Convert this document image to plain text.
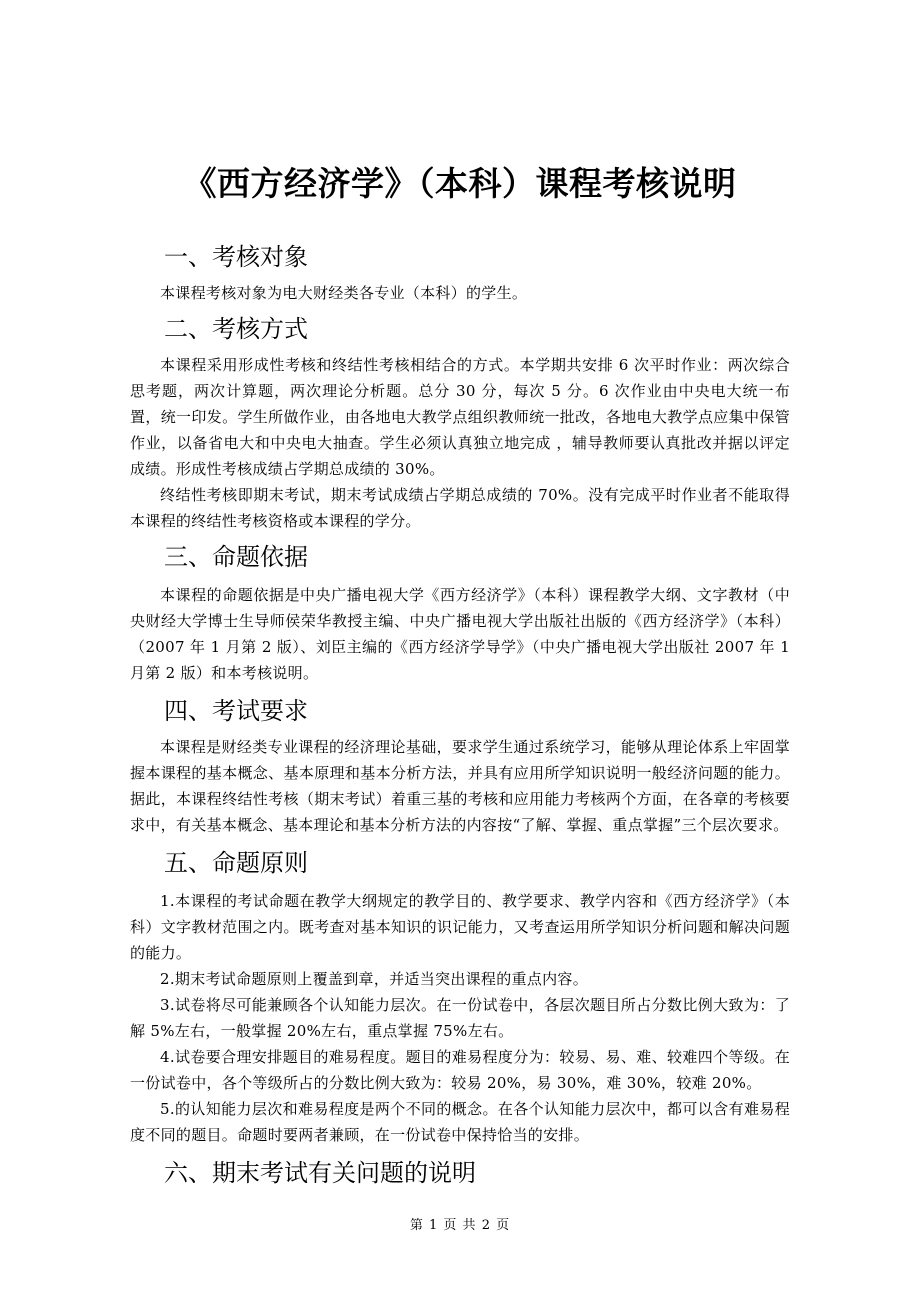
《西方经济学》（本科）课程考核说明
一、考核对象

本课程考核对象为电大财经类各专业（本科）的学生。

二、考核方式

本课程采用形成性考核和终结性考核相结合的方式。本学期共安排 6 次平时作业：两次综合思考题，两次计算题，两次理论分析题。总分 30 分，每次 5 分。6 次作业由中央电大统一布置，统一印发。学生所做作业，由各地电大教学点组织教师统一批改，各地电大教学点应集中保管作业，以备省电大和中央电大抽查。学生必须认真独立地完成 ，辅导教师要认真批改并据以评定成绩。形成性考核成绩占学期总成绩的 30%。

终结性考核即期末考试，期末考试成绩占学期总成绩的 70%。没有完成平时作业者不能取得本课程的终结性考核资格或本课程的学分。

三、命题依据

本课程的命题依据是中央广播电视大学《西方经济学》（本科）课程教学大纲、文字教材（中央财经大学博士生导师侯荣华教授主编、中央广播电视大学出版社出版的《西方经济学》（本科）（2007 年 1 月第 2 版）、刘臣主编的《西方经济学导学》（中央广播电视大学出版社 2007 年 1 月第 2 版）和本考核说明。

四、考试要求

本课程是财经类专业课程的经济理论基础，要求学生通过系统学习，能够从理论体系上牢固掌握本课程的基本概念、基本原理和基本分析方法，并具有应用所学知识说明一般经济问题的能力。据此，本课程终结性考核（期末考试）着重三基的考核和应用能力考核两个方面，在各章的考核要求中，有关基本概念、基本理论和基本分析方法的内容按“了解、掌握、重点掌握”三个层次要求。

五、命题原则

1.本课程的考试命题在教学大纲规定的教学目的、教学要求、教学内容和《西方经济学》（本科）文字教材范围之内。既考查对基本知识的识记能力，又考查运用所学知识分析问题和解决问题的能力。

2.期末考试命题原则上覆盖到章，并适当突出课程的重点内容。

3.试卷将尽可能兼顾各个认知能力层次。在一份试卷中，各层次题目所占分数比例大致为：了解 5%左右，一般掌握 20%左右，重点掌握 75%左右。

4.试卷要合理安排题目的难易程度。题目的难易程度分为：较易、易、难、较难四个等级。在一份试卷中，各个等级所占的分数比例大致为：较易 20%，易 30%，难 30%，较难 20%。

5.的认知能力层次和难易程度是两个不同的概念。在各个认知能力层次中，都可以含有难易程度不同的题目。命题时要两者兼顾，在一份试卷中保持恰当的安排。

六、期末考试有关问题的说明
第 1 页 共 2 页
